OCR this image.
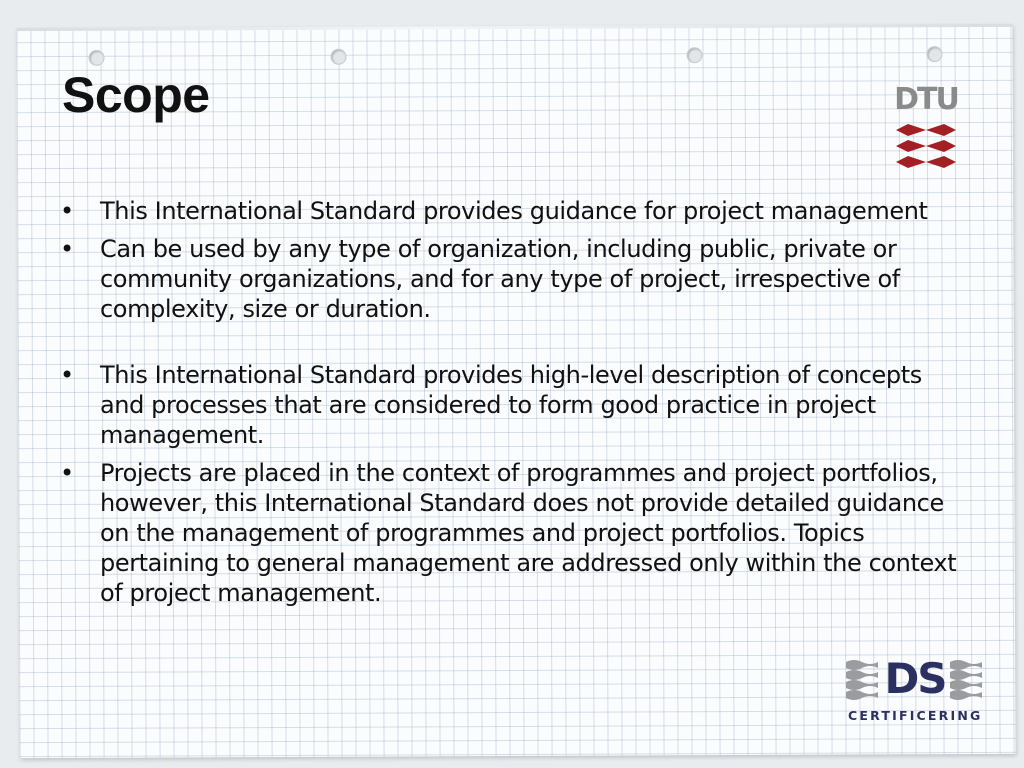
Scope	DTU
• This International Standard provides guidance for project management
• Can be used by any type of organization, including public, private or community organizations, and for any type of project, irrespective of complexity, size or duration.
• This International Standard provides high-level description of concepts and processes that are considered to form good practice in project management.
• Projects are placed in the context of programmes and project portfolios, however, this International Standard does not provide detailed guidance on the management of programmes and project portfolios. Topics pertaining to general management are addressed only within the context of project management.
DS
CERTIFICERING
